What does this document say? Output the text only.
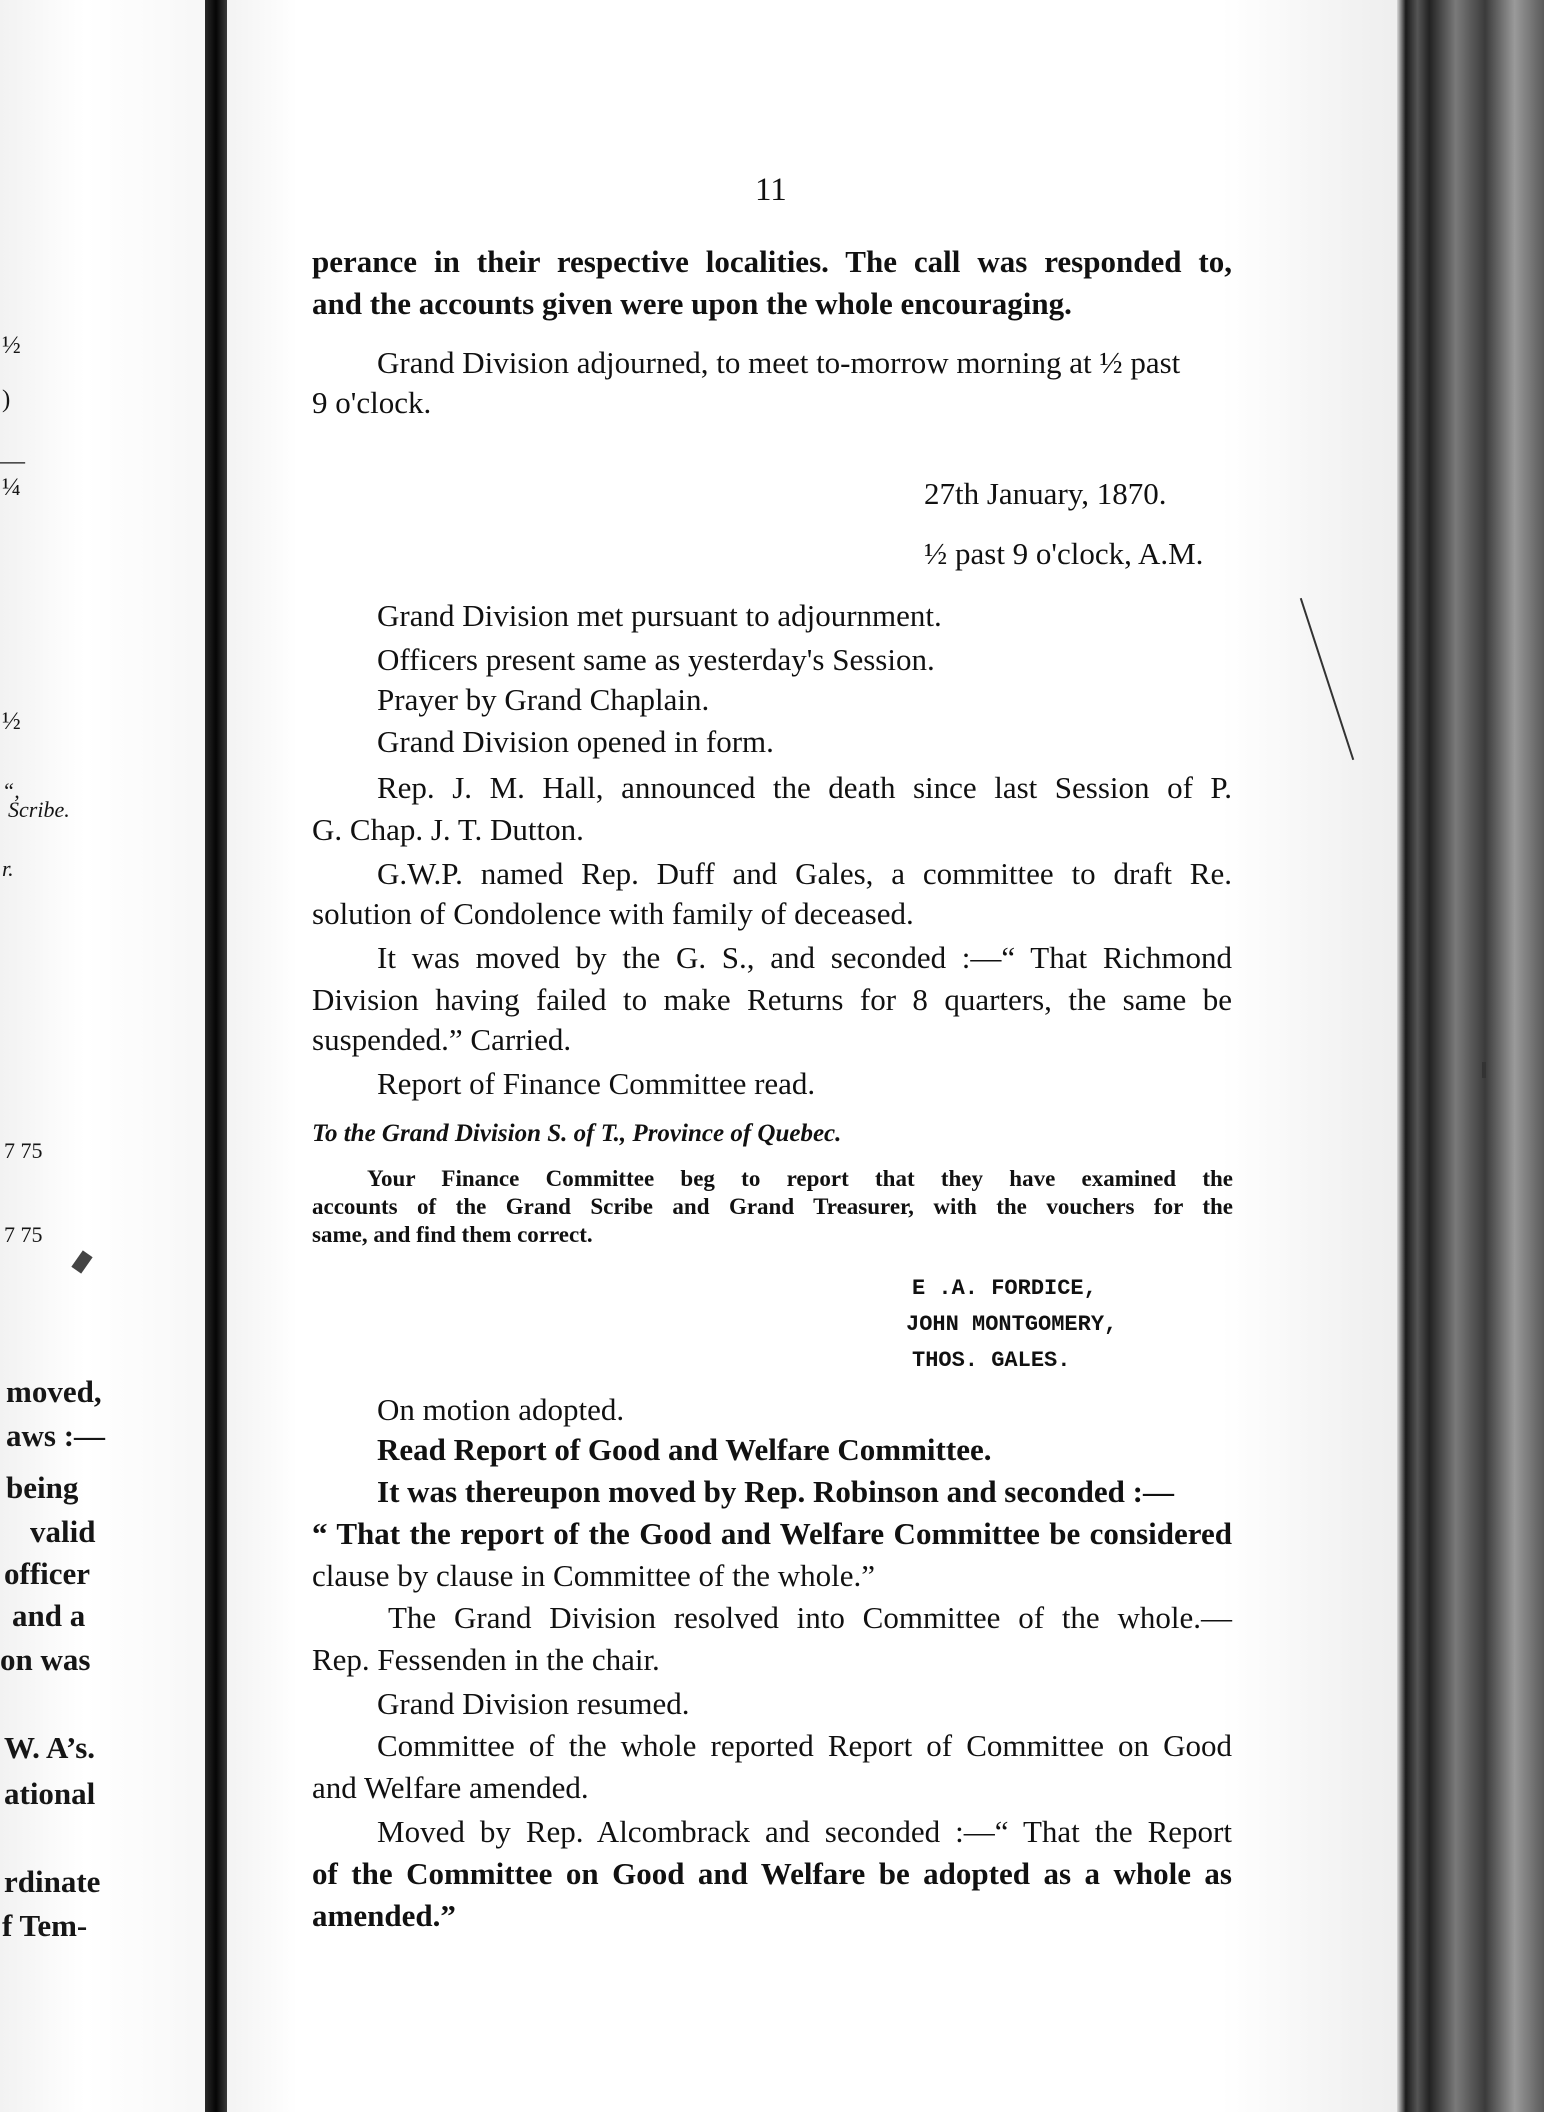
½
)
—
¼
½
“,
Scribe.
r.
7 75
7 75
moved,
aws :—
being
valid
officer
and a
on was
W. A’s.
ational
rdinate
f Tem-
11
perance in their respective localities. The call was responded to,
and the accounts given were upon the whole encouraging.
Grand Division adjourned, to meet to-morrow morning at ½ past
9 o'clock.
27th January, 1870.
½ past 9 o'clock, A.M.
Grand Division met pursuant to adjournment.
Officers present same as yesterday's Session.
Prayer by Grand Chaplain.
Grand Division opened in form.
Rep. J. M. Hall, announced the death since last Session of P.
G. Chap. J. T. Dutton.
G.W.P. named Rep. Duff and Gales, a committee to draft Re.
solution of Condolence with family of deceased.
It was moved by the G. S., and seconded :—“ That Richmond
Division having failed to make Returns for 8 quarters, the same be
suspended.” Carried.
Report of Finance Committee read.
To the Grand Division S. of T., Province of Quebec.
Your Finance Committee beg to report that they have examined the
accounts of the Grand Scribe and Grand Treasurer, with the vouchers for the
same, and find them correct.
E .A. FORDICE,
JOHN MONTGOMERY,
THOS. GALES.
On motion adopted.
Read Report of Good and Welfare Committee.
It was thereupon moved by Rep. Robinson and seconded :—
“ That the report of the Good and Welfare Committee be considered
clause by clause in Committee of the whole.”
The Grand Division resolved into Committee of the whole.—
Rep. Fessenden in the chair.
Grand Division resumed.
Committee of the whole reported Report of Committee on Good
and Welfare amended.
Moved by Rep. Alcombrack and seconded :—“ That the Report
of the Committee on Good and Welfare be adopted as a whole as
amended.”
